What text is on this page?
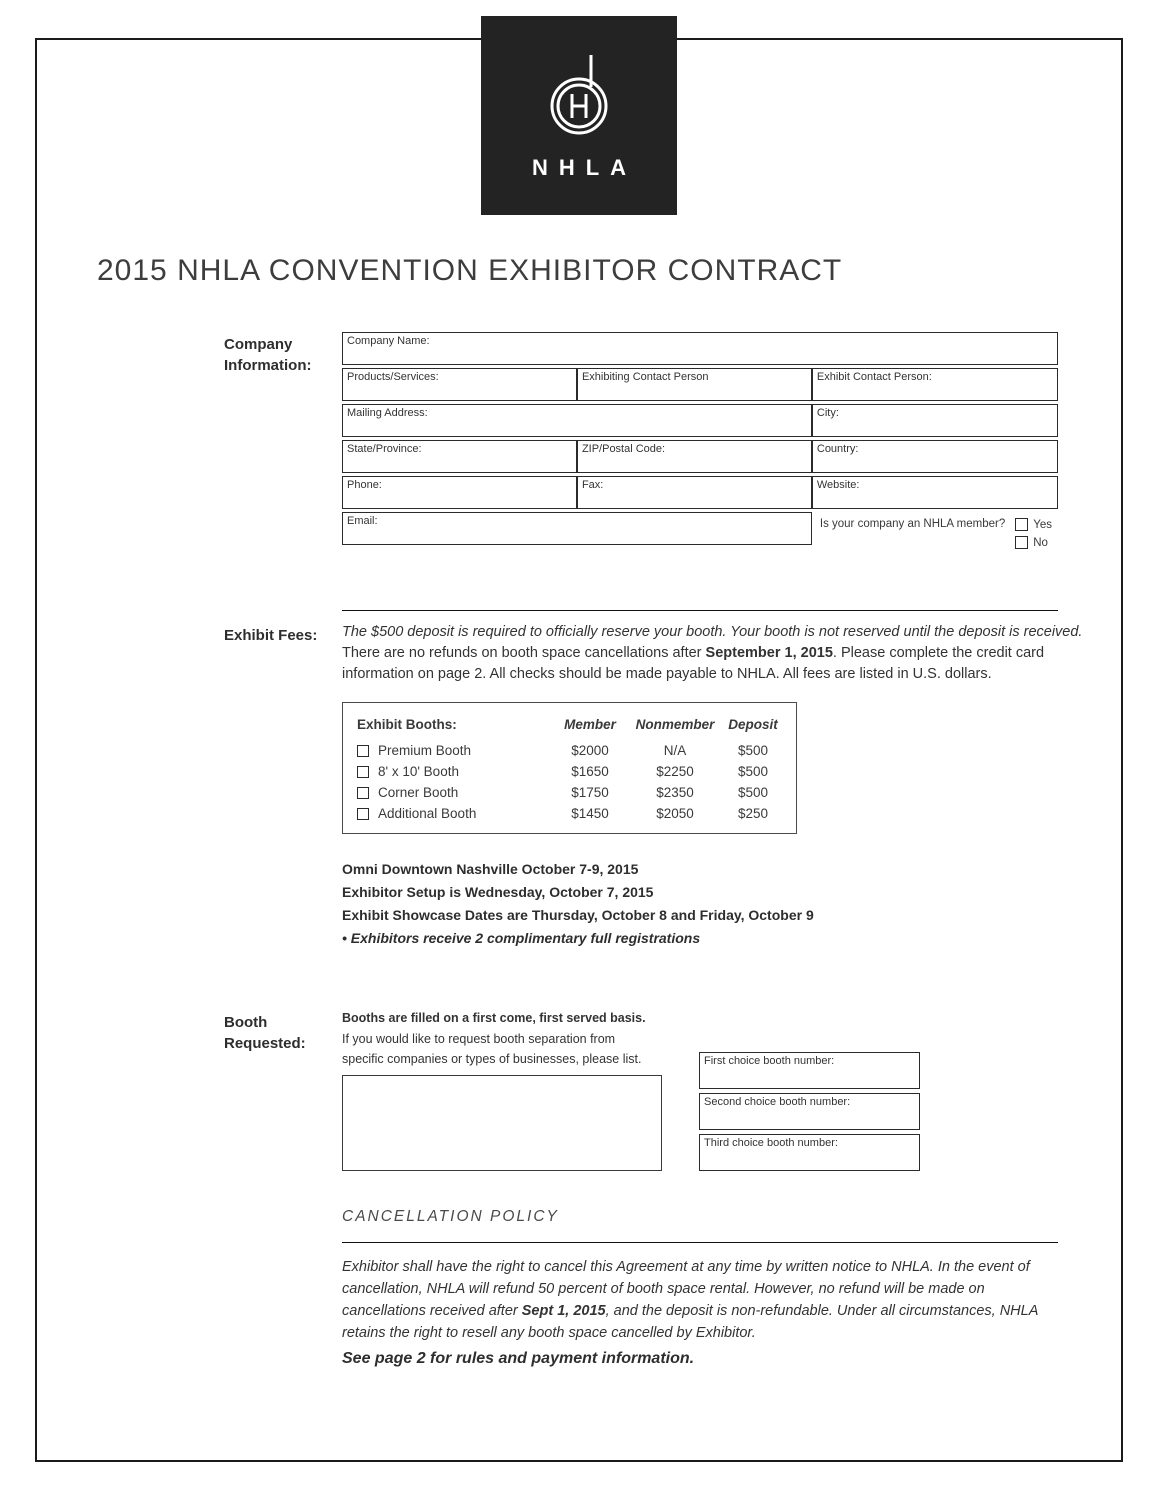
NHLA
2015 NHLA CONVENTION EXHIBITOR CONTRACT
Company Information:
Company Name:
Products/Services:	Exhibiting Contact Person	Exhibit Contact Person:
Mailing Address:	City:
State/Province:	ZIP/Postal Code:	Country:
Phone:	Fax:	Website:
Email:	Is your company an NHLA member? Yes
No
Exhibit Fees:	The $500 deposit is required to officially reserve your booth. Your booth is not reserved until the deposit is received. There are no refunds on booth space cancellations after September 1, 2015. Please complete the credit card information on page 2. All checks should be made payable to NHLA. All fees are listed in U.S. dollars.

Exhibit Booths:	Member	Nonmember	Deposit
Premium Booth	$2000	N/A	$500
8' x 10' Booth	$1650	$2250	$500
Corner Booth	$1750	$2350	$500
Additional Booth	$1450	$2050	$250
Omni Downtown Nashville October 7-9, 2015
Exhibitor Setup is Wednesday, October 7, 2015
Exhibit Showcase Dates are Thursday, October 8 and Friday, October 9
• Exhibitors receive 2 complimentary full registrations
Booth Requested:
Booths are filled on a first come, first served basis.
If you would like to request booth separation from
specific companies or types of businesses, please list.	First choice booth number:
Second choice booth number:
Third choice booth number:
CANCELLATION POLICY

Exhibitor shall have the right to cancel this Agreement at any time by written notice to NHLA. In the event of cancellation, NHLA will refund 50 percent of booth space rental. However, no refund will be made on cancellations received after Sept 1, 2015, and the deposit is non-refundable. Under all circumstances, NHLA retains the right to resell any booth space cancelled by Exhibitor.

See page 2 for rules and payment information.
